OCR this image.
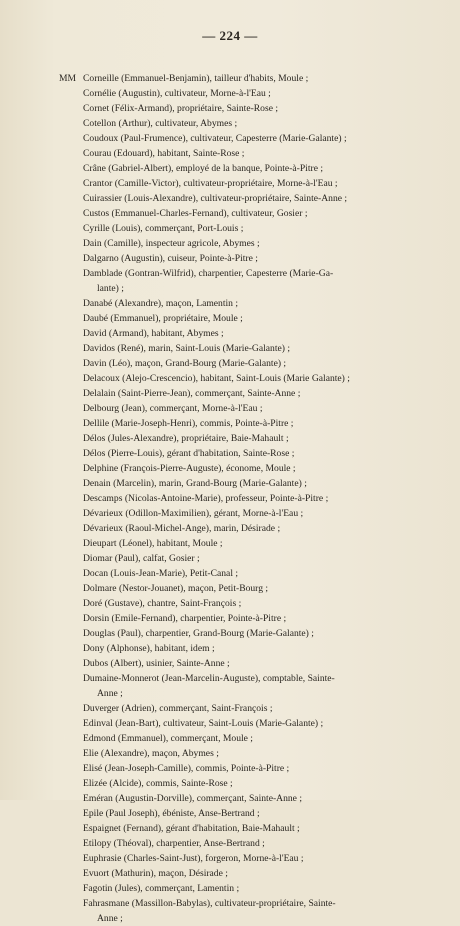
— 224 —
MM Corneille (Emmanuel-Benjamin), tailleur d'habits, Moule ;

Cornélie (Augustin), cultivateur, Morne-à-l'Eau ;

Cornet (Félix-Armand), propriétaire, Sainte-Rose ;

Cotellon (Arthur), cultivateur, Abymes ;

Coudoux (Paul-Frumence), cultivateur, Capesterre (Marie-Galante) ;

Courau (Edouard), habitant, Sainte-Rose ;

Crâne (Gabriel-Albert), employé de la banque, Pointe-à-Pitre ;

Crantor (Camille-Victor), cultivateur-propriétaire, Morne-à-l'Eau ;

Cuirassier (Louis-Alexandre), cultivateur-propriétaire, Sainte-Anne ;

Custos (Emmanuel-Charles-Fernand), cultivateur, Gosier ;

Cyrille (Louis), commerçant, Port-Louis ;

Dain (Camille), inspecteur agricole, Abymes ;

Dalgarno (Augustin), cuiseur, Pointe-à-Pitre ;

Damblade (Gontran-Wilfrid), charpentier, Capesterre (Marie-Ga-

lante) ;

Danabé (Alexandre), maçon, Lamentin ;

Daubé (Emmanuel), propriétaire, Moule ;

David (Armand), habitant, Abymes ;

Davidos (René), marin, Saint-Louis (Marie-Galante) ;

Davin (Léo), maçon, Grand-Bourg (Marie-Galante) ;

Delacoux (Alejo-Crescencio), habitant, Saint-Louis (Marie Galante) ;

Delalain (Saint-Pierre-Jean), commerçant, Sainte-Anne ;

Delbourg (Jean), commerçant, Morne-à-l'Eau ;

Dellile (Marie-Joseph-Henri), commis, Pointe-à-Pitre ;

Délos (Jules-Alexandre), propriétaire, Baie-Mahault ;

Délos (Pierre-Louis), gérant d'habitation, Sainte-Rose ;

Delphine (François-Pierre-Auguste), économe, Moule ;

Denain (Marcelin), marin, Grand-Bourg (Marie-Galante) ;

Descamps (Nicolas-Antoine-Marie), professeur, Pointe-à-Pitre ;

Dévarieux (Odillon-Maximilien), gérant, Morne-à-l'Eau ;

Dévarieux (Raoul-Michel-Ange), marin, Désirade ;

Dieupart (Léonel), habitant, Moule ;

Diomar (Paul), calfat, Gosier ;

Docan (Louis-Jean-Marie), Petit-Canal ;

Dolmare (Nestor-Jouanet), maçon, Petit-Bourg ;

Doré (Gustave), chantre, Saint-François ;

Dorsin (Emile-Fernand), charpentier, Pointe-à-Pitre ;

Douglas (Paul), charpentier, Grand-Bourg (Marie-Galante) ;

Dony (Alphonse), habitant, idem ;

Dubos (Albert), usinier, Sainte-Anne ;

Dumaine-Monnerot (Jean-Marcelin-Auguste), comptable, Sainte-

Anne ;

Duverger (Adrien), commerçant, Saint-François ;

Edinval (Jean-Bart), cultivateur, Saint-Louis (Marie-Galante) ;

Edmond (Emmanuel), commerçant, Moule ;

Elie (Alexandre), maçon, Abymes ;

Elisé (Jean-Joseph-Camille), commis, Pointe-à-Pitre ;

Elizée (Alcide), commis, Sainte-Rose ;

Eméran (Augustin-Dorville), commerçant, Sainte-Anne ;

Epile (Paul Joseph), ébéniste, Anse-Bertrand ;

Espaignet (Fernand), gérant d'habitation, Baie-Mahault ;

Etilopy (Théoval), charpentier, Anse-Bertrand ;

Euphrasie (Charles-Saint-Just), forgeron, Morne-à-l'Eau ;

Evuort (Mathurin), maçon, Désirade ;

Fagotin (Jules), commerçant, Lamentin ;

Fahrasmane (Massillon-Babylas), cultivateur-propriétaire, Sainte-

Anne ;
